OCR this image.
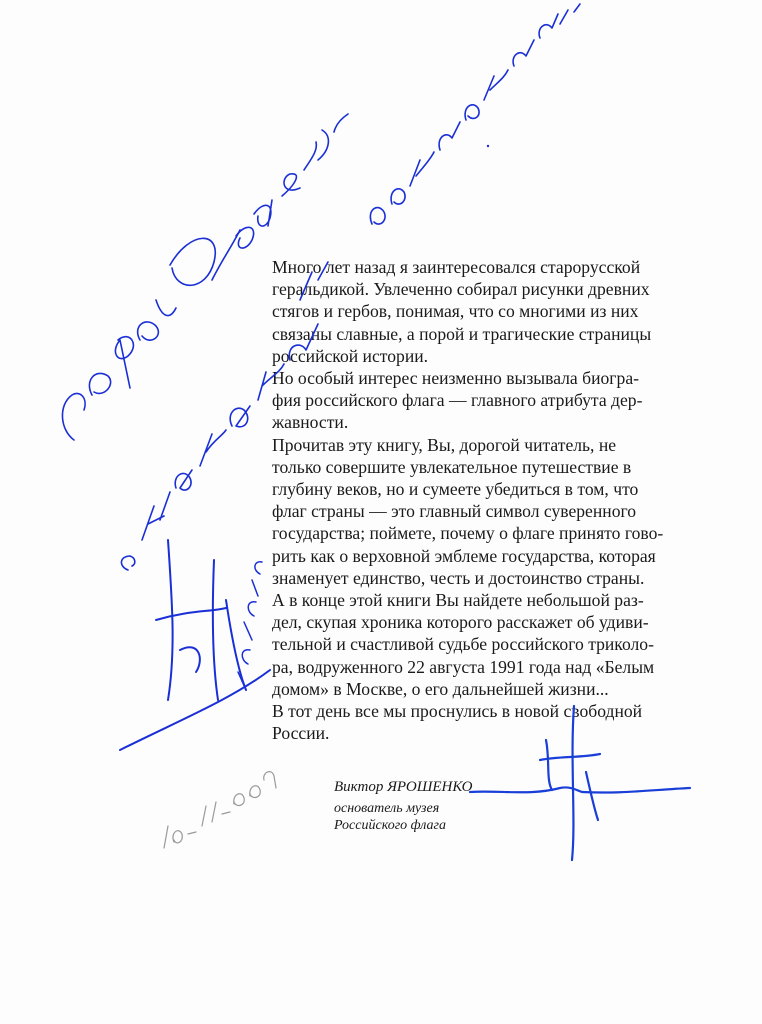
Много лет назад я заинтересовался старорусской
геральдикой. Увлеченно собирал рисунки древних
стягов и гербов, понимая, что со многими из них
связаны славные, а порой и трагические страницы
российской истории.
Но особый интерес неизменно вызывала биогра-
фия российского флага — главного атрибута дер-
жавности.
Прочитав эту книгу, Вы, дорогой читатель, не
только совершите увлекательное путешествие в
глубину веков, но и сумеете убедиться в том, что
флаг страны — это главный символ суверенного
государства; поймете, почему о флаге принято гово-
рить как о верховной эмблеме государства, которая
знаменует единство, честь и достоинство страны.
А в конце этой книги Вы найдете небольшой раз-
дел, скупая хроника которого расскажет об удиви-
тельной и счастливой судьбе российского триколо-
ра, водруженного 22 августа 1991 года над «Белым
домом» в Москве, о его дальнейшей жизни...
В тот день все мы проснулись в новой свободной
России.
Виктор ЯРОШЕНКО
основатель музея
Российского флага
